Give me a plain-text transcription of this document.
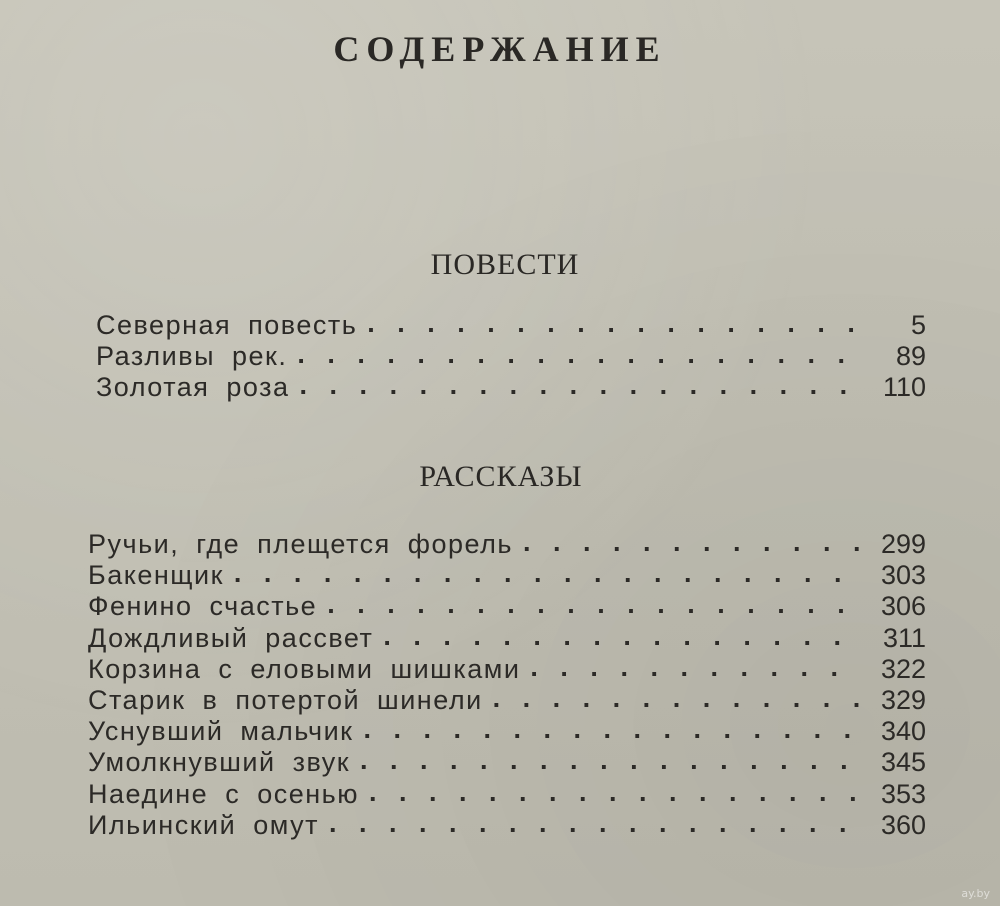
СОДЕРЖАНИЕ
ПОВЕСТИ
Северная повесть . .	5
Разливы рек. . .	89
Золотая роза . .	110
РАССКАЗЫ
Ручьи, где плещется форель . .	299
Бакенщик . .	303
Фенино счастье . .	306
Дождливый рассвет . .	311
Корзина с еловыми шишками . .	322
Старик в потертой шинели . .	329
Уснувший мальчик . .	340
Умолкнувший звук . .	345
Наедине с осенью . .	353
Ильинский омут . .	360
ay.by
